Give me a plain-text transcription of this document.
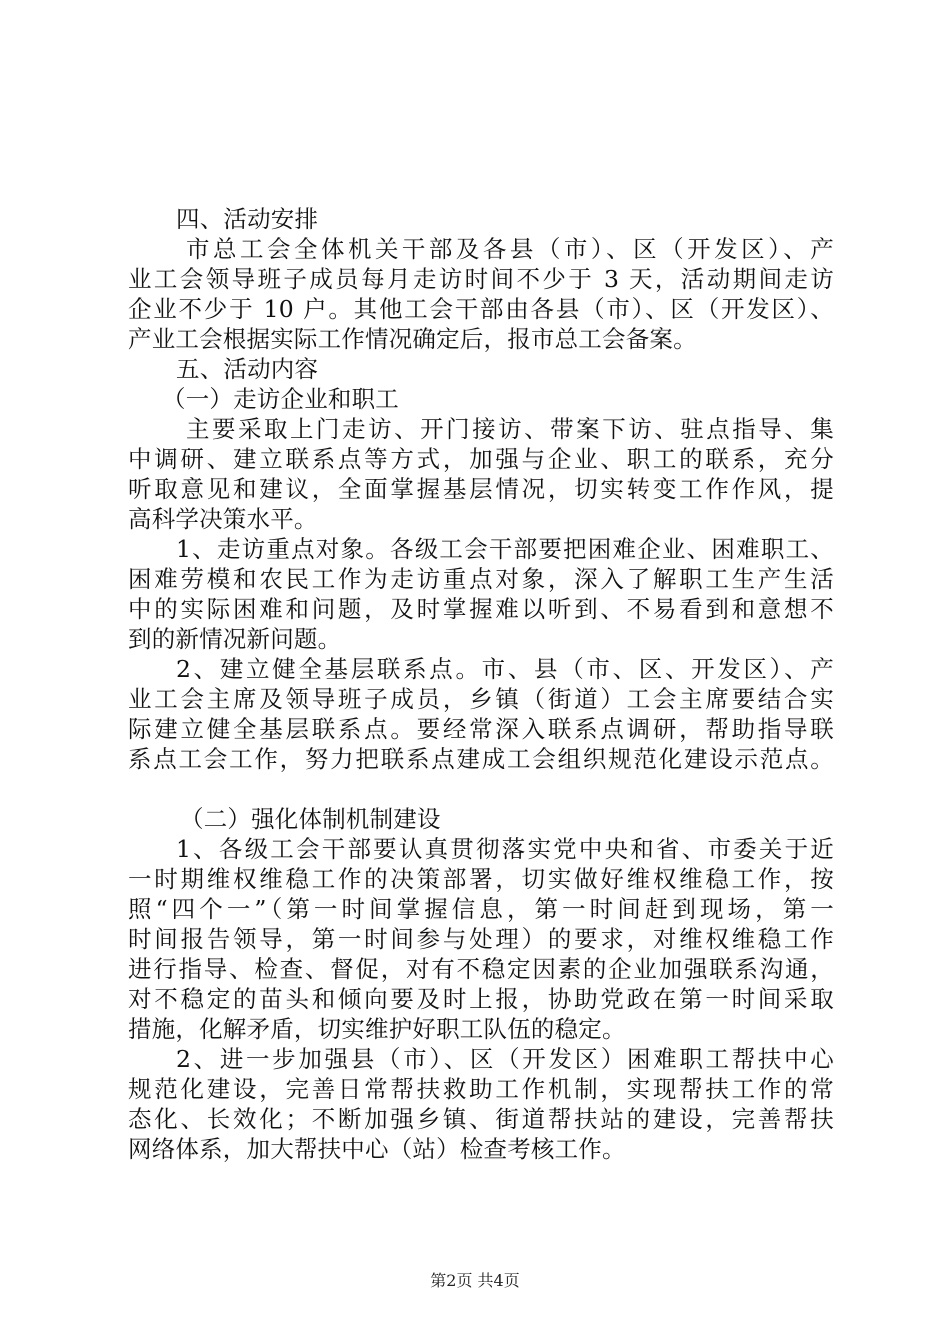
四、活动安排
市总工会全体机关干部及各县（市）、区（开发区）、产
业工会领导班子成员每月走访时间不少于 3 天，活动期间走访
企业不少于 10 户。其他工会干部由各县（市）、区（开发区）、
产业工会根据实际工作情况确定后，报市总工会备案。
五、活动内容
（一）走访企业和职工
主要采取上门走访、开门接访、带案下访、驻点指导、集
中调研、建立联系点等方式，加强与企业、职工的联系，充分
听取意见和建议，全面掌握基层情况，切实转变工作作风，提
高科学决策水平。
1、走访重点对象。各级工会干部要把困难企业、困难职工、
困难劳模和农民工作为走访重点对象，深入了解职工生产生活
中的实际困难和问题，及时掌握难以听到、不易看到和意想不
到的新情况新问题。
2、建立健全基层联系点。市、县（市、区、开发区）、产
业工会主席及领导班子成员，乡镇（街道）工会主席要结合实
际建立健全基层联系点。要经常深入联系点调研，帮助指导联
系点工会工作，努力把联系点建成工会组织规范化建设示范点。
（二）强化体制机制建设
1、各级工会干部要认真贯彻落实党中央和省、市委关于近
一时期维权维稳工作的决策部署，切实做好维权维稳工作，按
照“四个一”（第一时间掌握信息，第一时间赶到现场，第一
时间报告领导，第一时间参与处理）的要求，对维权维稳工作
进行指导、检查、督促，对有不稳定因素的企业加强联系沟通，
对不稳定的苗头和倾向要及时上报，协助党政在第一时间采取
措施，化解矛盾，切实维护好职工队伍的稳定。
2、进一步加强县（市）、区（开发区）困难职工帮扶中心
规范化建设，完善日常帮扶救助工作机制，实现帮扶工作的常
态化、长效化；不断加强乡镇、街道帮扶站的建设，完善帮扶
网络体系，加大帮扶中心（站）检查考核工作。
第2页 共4页
